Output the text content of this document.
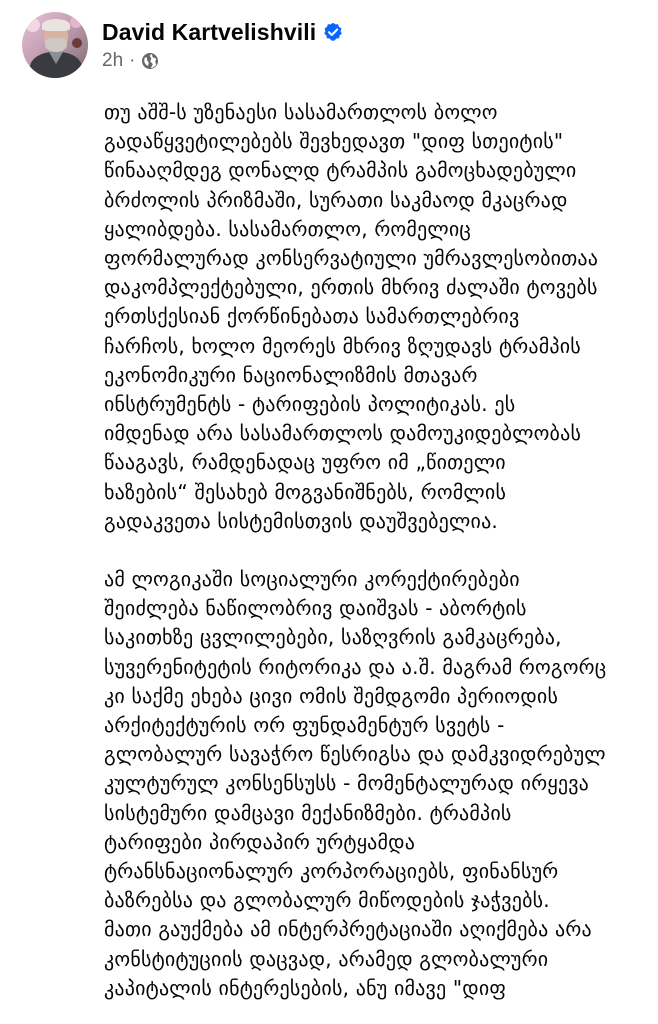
David Kartvelishvili
2h ·
თუ აშშ-ს უზენაესი სასამართლოს ბოლო
გადაწყვეტილებებს შევხედავთ "დიფ სთეიტის"
წინააღმდეგ დონალდ ტრამპის გამოცხადებული
ბრძოლის პრიზმაში, სურათი საკმაოდ მკაცრად
ყალიბდება. სასამართლო, რომელიც
ფორმალურად კონსერვატიული უმრავლესობითაა
დაკომპლექტებული, ერთის მხრივ ძალაში ტოვებს
ერთსქესიან ქორწინებათა სამართლებრივ
ჩარჩოს, ხოლო მეორეს მხრივ ზღუდავს ტრამპის
ეკონომიკური ნაციონალიზმის მთავარ
ინსტრუმენტს - ტარიფების პოლიტიკას. ეს
იმდენად არა სასამართლოს დამოუკიდებლობას
წააგავს, რამდენადაც უფრო იმ „წითელი
ხაზების“ შესახებ მოგვანიშნებს, რომლის
გადაკვეთა სისტემისთვის დაუშვებელია.
ამ ლოგიკაში სოციალური კორექტირებები
შეიძლება ნაწილობრივ დაიშვას - აბორტის
საკითხზე ცვლილებები, საზღვრის გამკაცრება,
სუვერენიტეტის რიტორიკა და ა.შ. მაგრამ როგორც
კი საქმე ეხება ცივი ომის შემდგომი პერიოდის
არქიტექტურის ორ ფუნდამენტურ სვეტს -
გლობალურ სავაჭრო წესრიგსა და დამკვიდრებულ
კულტურულ კონსენსუსს - მომენტალურად ირყევა
სისტემური დამცავი მექანიზმები. ტრამპის
ტარიფები პირდაპირ ურტყამდა
ტრანსნაციონალურ კორპორაციებს, ფინანსურ
ბაზრებსა და გლობალურ მიწოდების ჯაჭვებს.
მათი გაუქმება ამ ინტერპრეტაციაში აღიქმება არა
კონსტიტუციის დაცვად, არამედ გლობალური
კაპიტალის ინტერესების, ანუ იმავე "დიფ
